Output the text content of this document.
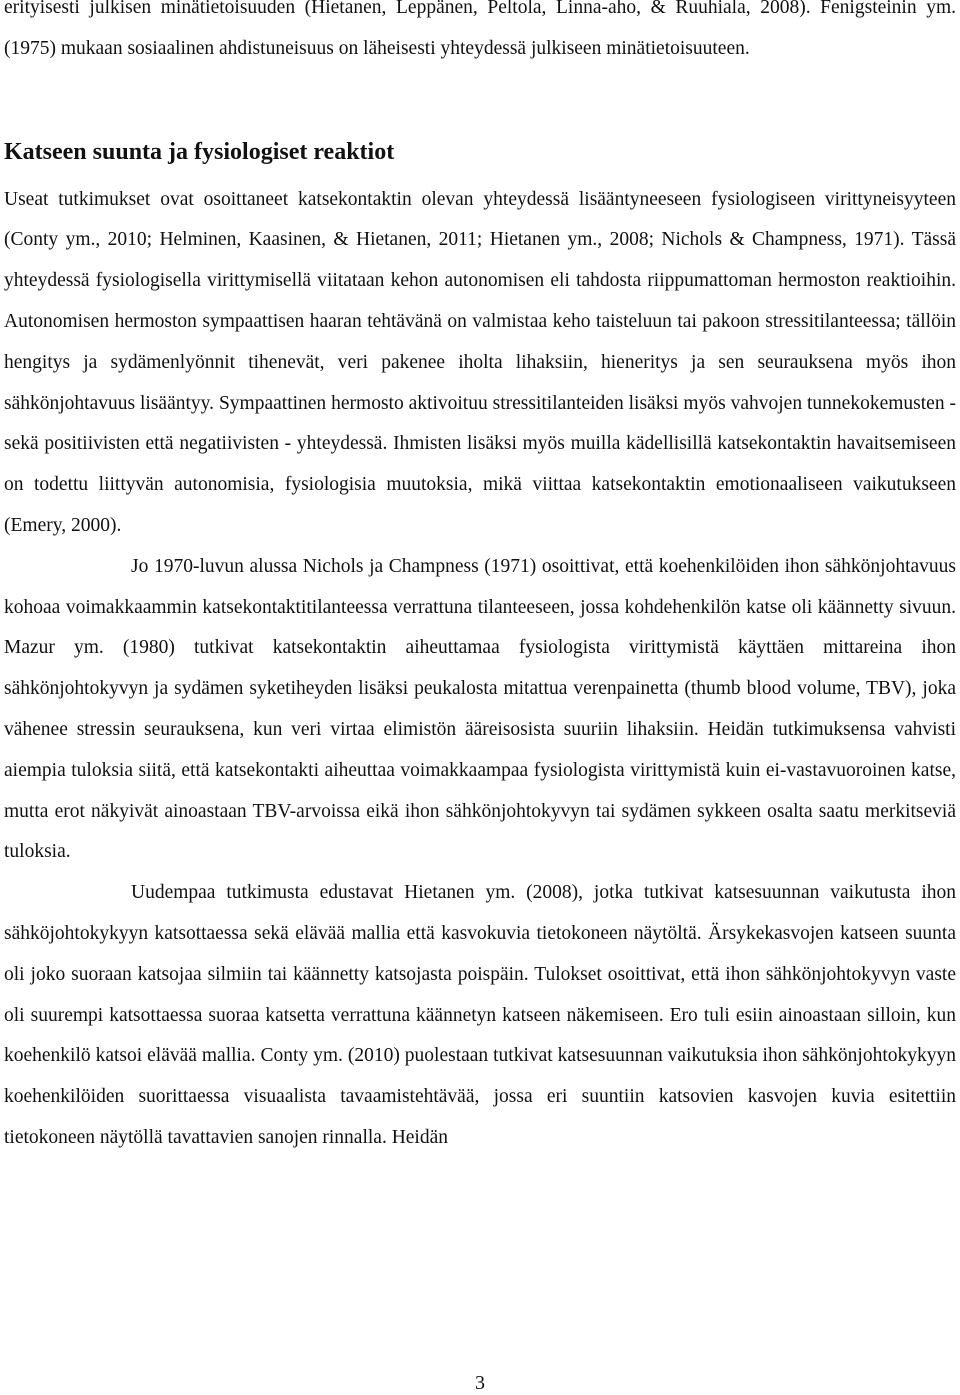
erityisesti julkisen minätietoisuuden (Hietanen, Leppänen, Peltola, Linna-aho, & Ruuhiala, 2008). Fenigsteinin ym. (1975) mukaan sosiaalinen ahdistuneisuus on läheisesti yhteydessä julkiseen minätietoisuuteen.

Katseen suunta ja fysiologiset reaktiot

Useat tutkimukset ovat osoittaneet katsekontaktin olevan yhteydessä lisääntyneeseen fysiologiseen virittyneisyyteen (Conty ym., 2010; Helminen, Kaasinen, & Hietanen, 2011; Hietanen ym., 2008; Nichols & Champness, 1971). Tässä yhteydessä fysiologisella virittymisellä viitataan kehon autonomisen eli tahdosta riippumattoman hermoston reaktioihin. Autonomisen hermoston sympaattisen haaran tehtävänä on valmistaa keho taisteluun tai pakoon stressitilanteessa; tällöin hengitys ja sydämenlyönnit tihenevät, veri pakenee iholta lihaksiin, hieneritys ja sen seurauksena myös ihon sähkönjohtavuus lisääntyy. Sympaattinen hermosto aktivoituu stressitilanteiden lisäksi myös vahvojen tunnekokemusten - sekä positiivisten että negatiivisten - yhteydessä. Ihmisten lisäksi myös muilla kädellisillä katsekontaktin havaitsemiseen on todettu liittyvän autonomisia, fysiologisia muutoksia, mikä viittaa katsekontaktin emotionaaliseen vaikutukseen (Emery, 2000).

Jo 1970-luvun alussa Nichols ja Champness (1971) osoittivat, että koehenkilöiden ihon sähkönjohtavuus kohoaa voimakkaammin katsekontaktitilanteessa verrattuna tilanteeseen, jossa kohdehenkilön katse oli käännetty sivuun. Mazur ym. (1980) tutkivat katsekontaktin aiheuttamaa fysiologista virittymistä käyttäen mittareina ihon sähkönjohtokyvyn ja sydämen syketiheyden lisäksi peukalosta mitattua verenpainetta (thumb blood volume, TBV), joka vähenee stressin seurauksena, kun veri virtaa elimistön ääreisosista suuriin lihaksiin. Heidän tutkimuksensa vahvisti aiempia tuloksia siitä, että katsekontakti aiheuttaa voimakkaampaa fysiologista virittymistä kuin ei-vastavuoroinen katse, mutta erot näkyivät ainoastaan TBV-arvoissa eikä ihon sähkönjohtokyvyn tai sydämen sykkeen osalta saatu merkitseviä tuloksia.

Uudempaa tutkimusta edustavat Hietanen ym. (2008), jotka tutkivat katsesuunnan vaikutusta ihon sähköjohtokykyyn katsottaessa sekä elävää mallia että kasvokuvia tietokoneen näytöltä. Ärsykekasvojen katseen suunta oli joko suoraan katsojaa silmiin tai käännetty katsojasta poispäin. Tulokset osoittivat, että ihon sähkönjohtokyvyn vaste oli suurempi katsottaessa suoraa katsetta verrattuna käännetyn katseen näkemiseen. Ero tuli esiin ainoastaan silloin, kun koehenkilö katsoi elävää mallia. Conty ym. (2010) puolestaan tutkivat katsesuunnan vaikutuksia ihon sähkönjohtokykyyn koehenkilöiden suorittaessa visuaalista tavaamistehtävää, jossa eri suuntiin katsovien kasvojen kuvia esitettiin tietokoneen näytöllä tavattavien sanojen rinnalla. Heidän

3
